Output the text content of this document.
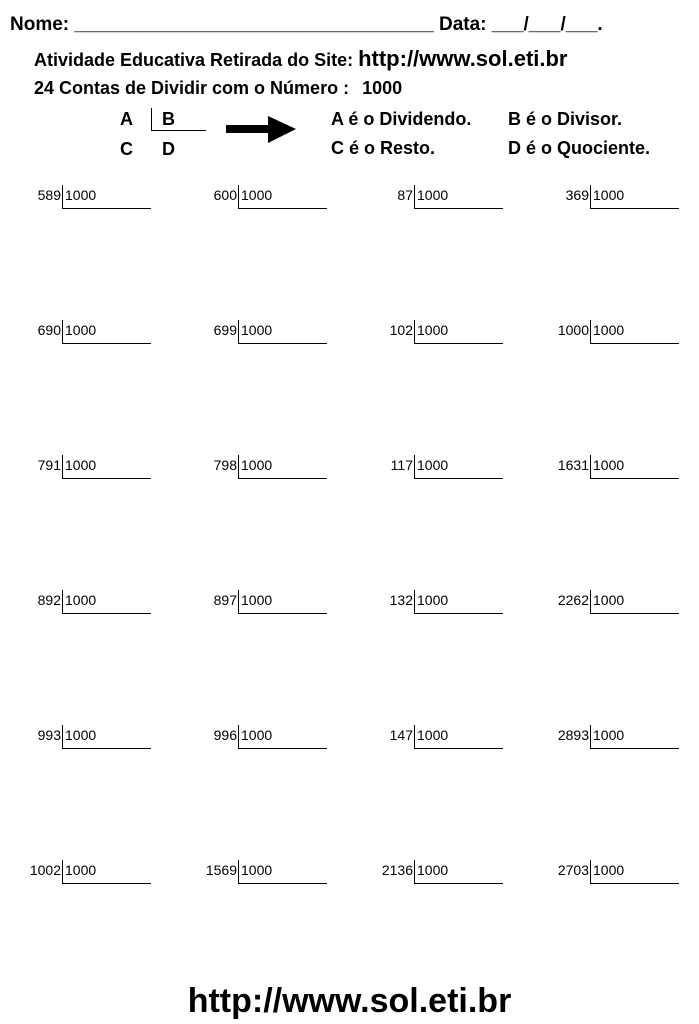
Nome: __________________________________ Data: ___/___/___.
Atividade Educativa Retirada do Site: http://www.sol.eti.br
24 Contas de Dividir com o Número : 1000
A B
C D
A é o Dividendo. B é o Divisor.
C é o Resto.	D é o Quociente.
589 1000	600 1000	87 1000	369 1000
690 1000	699 1000	102 1000	1000 1000
791 1000	798 1000	117 1000	1631 1000
892 1000	897 1000	132 1000	2262 1000
993 1000	996 1000	147 1000	2893 1000
1002 1000	1569 1000	2136 1000	2703 1000
http://www.sol.eti.br
